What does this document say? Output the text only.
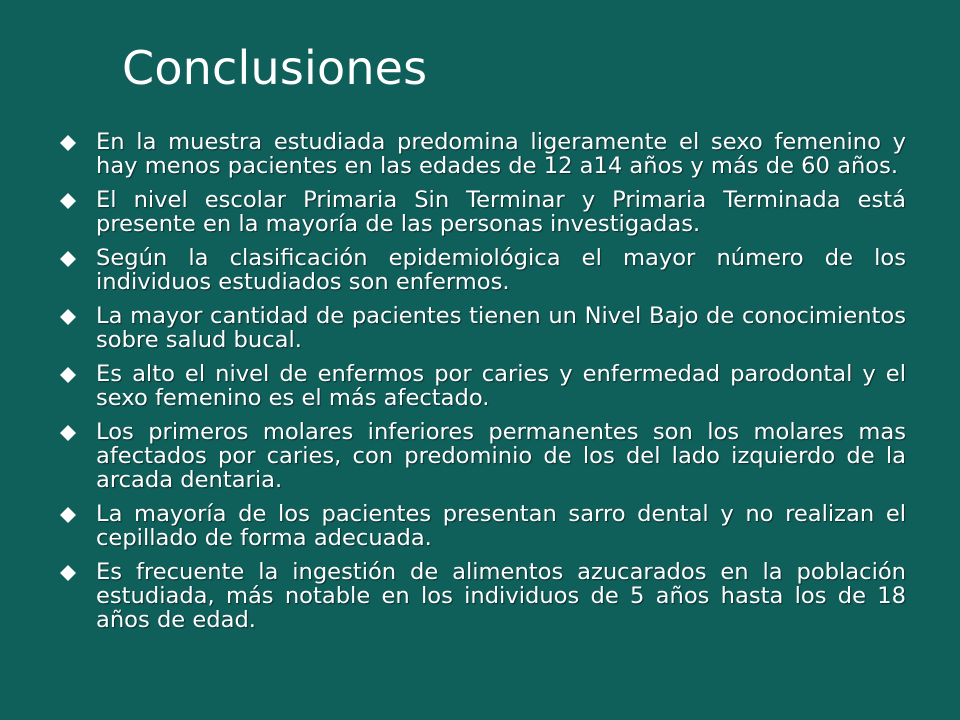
Conclusiones
En la muestra estudiada predomina ligeramente el sexo femenino y hay menos pacientes en las edades de 12 a14 años y más de 60 años.
El nivel escolar Primaria Sin Terminar y Primaria Terminada está presente en la mayoría de las personas investigadas.
Según la clasificación epidemiológica el mayor número de los individuos estudiados son enfermos.
La mayor cantidad de pacientes tienen un Nivel Bajo de conocimientos sobre salud bucal.
Es alto el nivel de enfermos por caries y enfermedad parodontal y el sexo femenino es el más afectado.
Los primeros molares inferiores permanentes son los molares mas afectados por caries, con predominio de los del lado izquierdo de la arcada dentaria.
La mayoría de los pacientes presentan sarro dental y no realizan el cepillado de forma adecuada.
Es frecuente la ingestión de alimentos azucarados en la población estudiada, más notable en los individuos de 5 años hasta los de 18 años de edad.
